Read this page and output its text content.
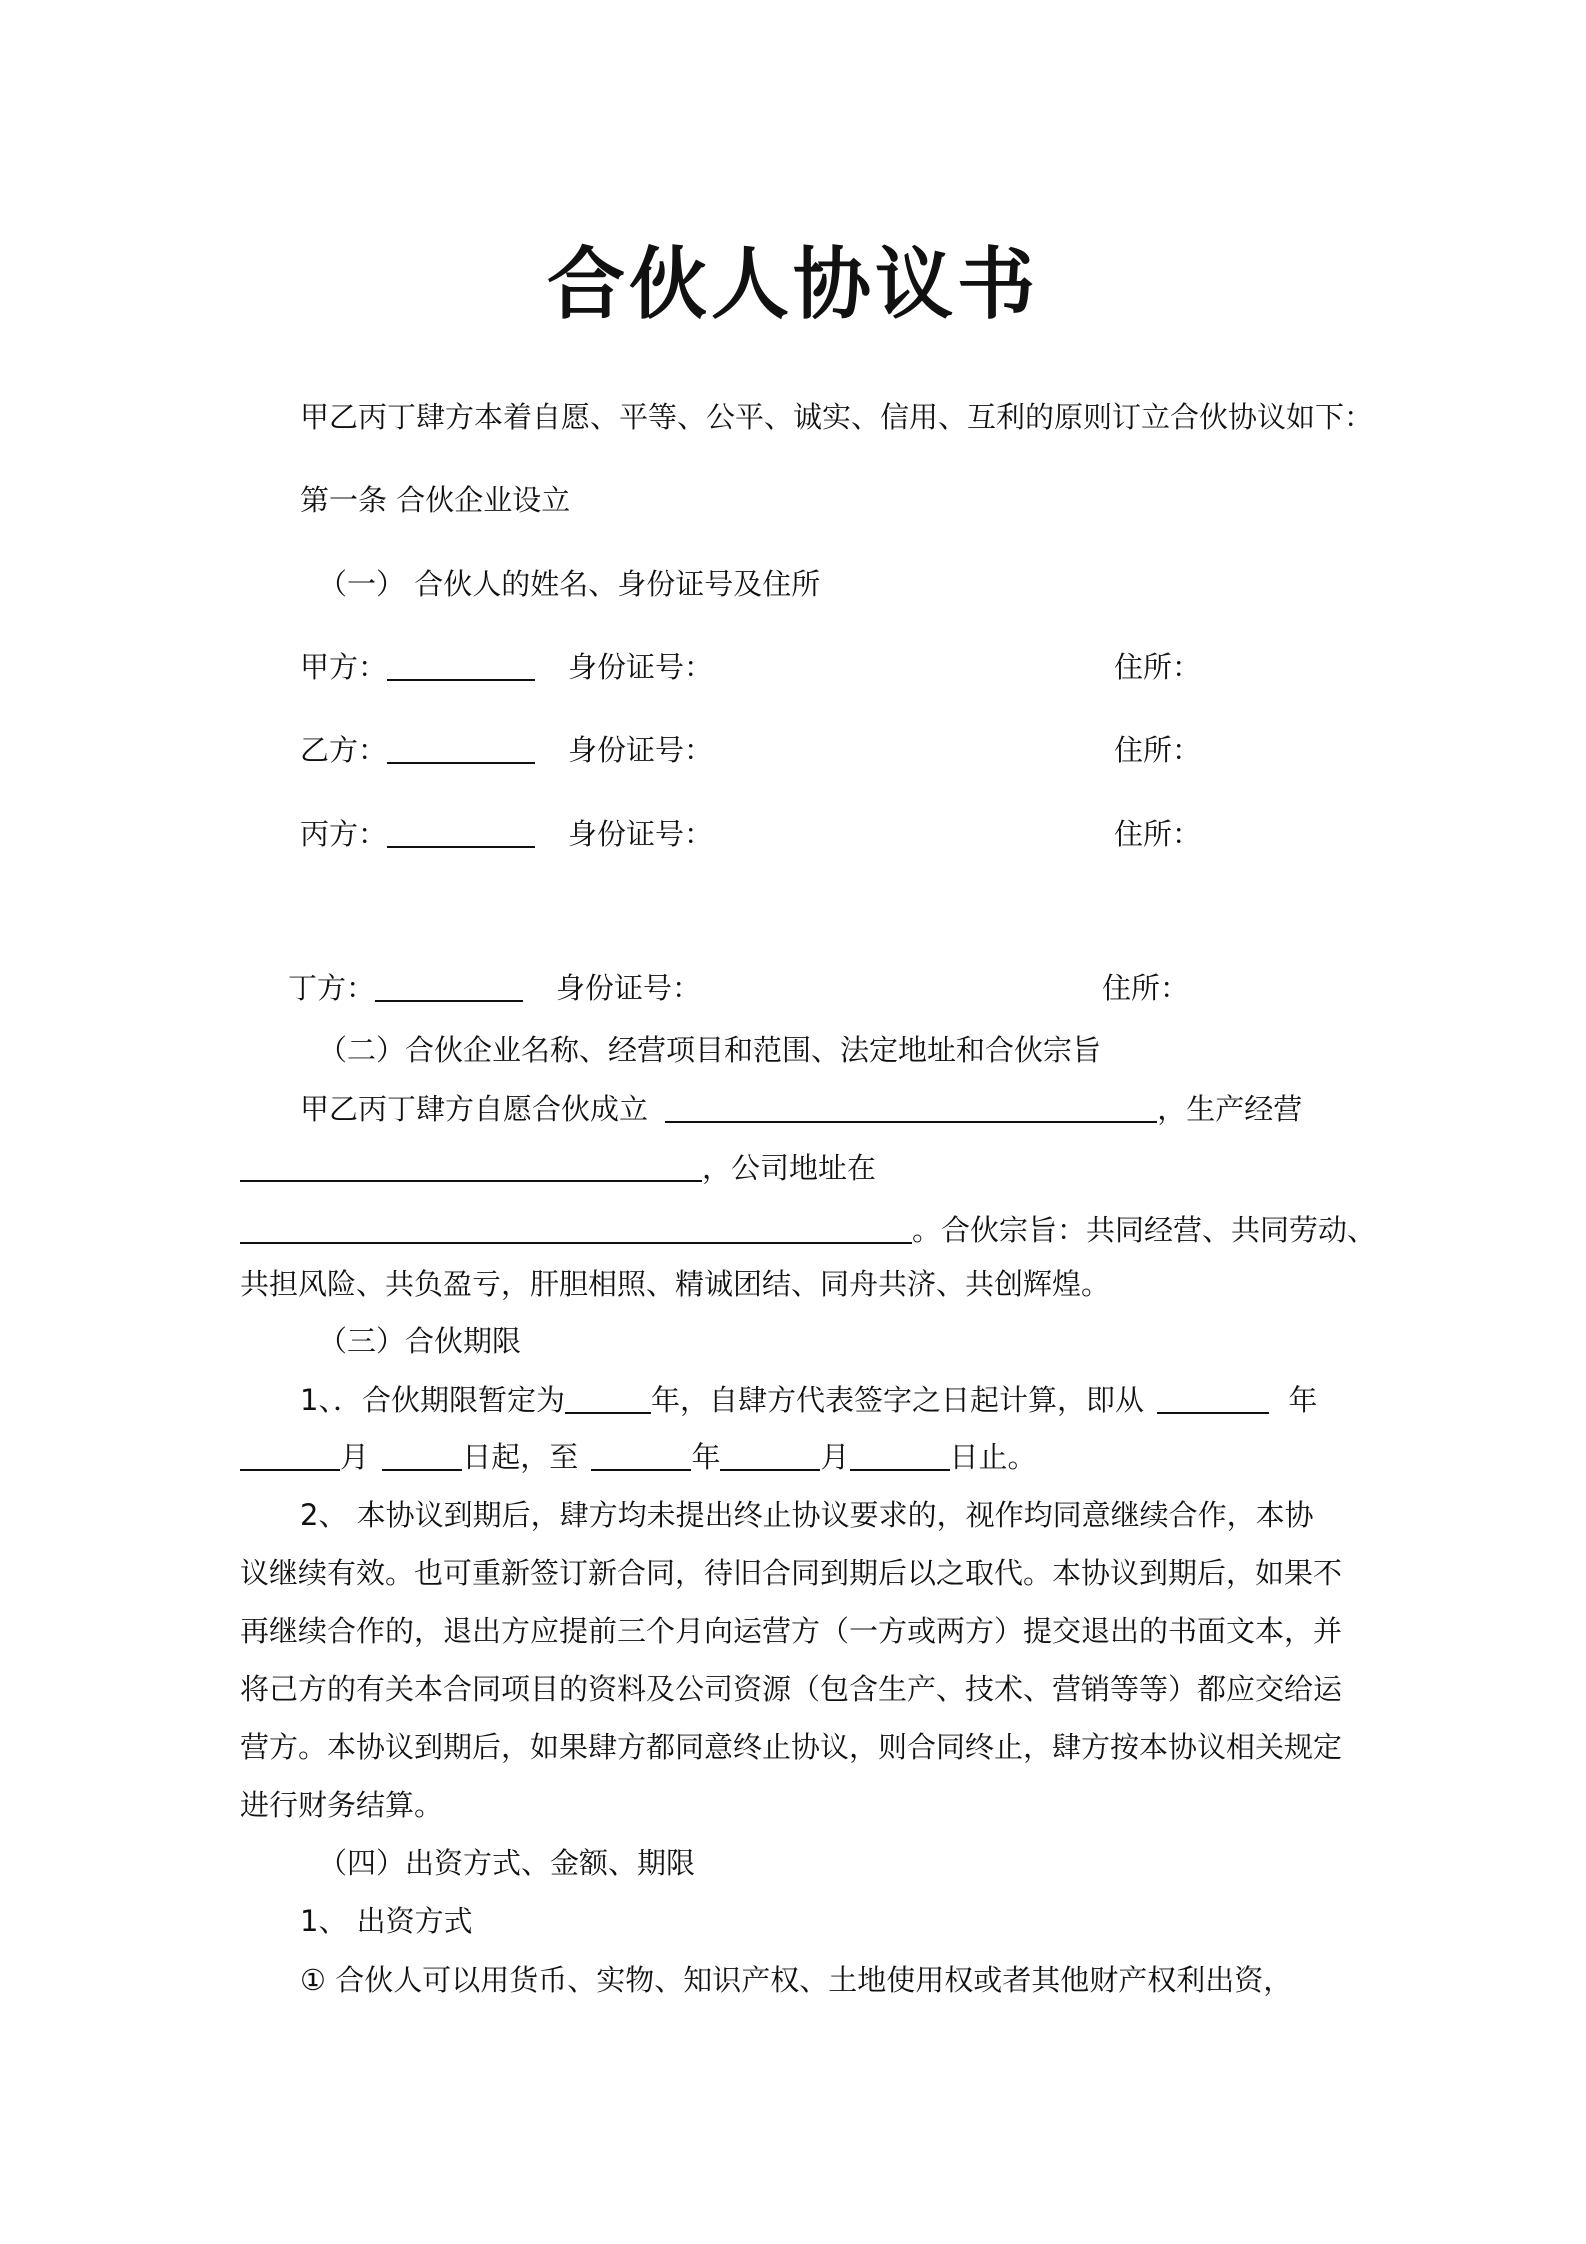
合伙人协议书
甲乙丙丁肆方本着自愿、平等、公平、诚实、信用、互利的原则订立合伙协议如下：
第一条 合伙企业设立
（一） 合伙人的姓名、身份证号及住所
甲方：	身份证号：	住所：
乙方：	身份证号：	住所：
丙方：	身份证号：	住所：
丁方：	身份证号：	住所：
（二）合伙企业名称、经营项目和范围、法定地址和合伙宗旨
甲乙丙丁肆方自愿合伙成立	，生产经营
，公司地址在
。合伙宗旨：共同经营、共同劳动、
共担风险、共负盈亏，肝胆相照、精诚团结、同舟共济、共创辉煌。
（三）合伙期限
1、．合伙期限暂定为	年，自肆方代表签字之日起计算，即从	年
月	日起，至	年	月	日止。
2、 本协议到期后，肆方均未提出终止协议要求的，视作均同意继续合作，本协
议继续有效。也可重新签订新合同，待旧合同到期后以之取代。本协议到期后，如果不
再继续合作的，退出方应提前三个月向运营方（一方或两方）提交退出的书面文本，并
将己方的有关本合同项目的资料及公司资源（包含生产、技术、营销等等）都应交给运
营方。本协议到期后，如果肆方都同意终止协议，则合同终止，肆方按本协议相关规定
进行财务结算。
（四）出资方式、金额、期限
1、 出资方式
① 合伙人可以用货币、实物、知识产权、土地使用权或者其他财产权利出资，
